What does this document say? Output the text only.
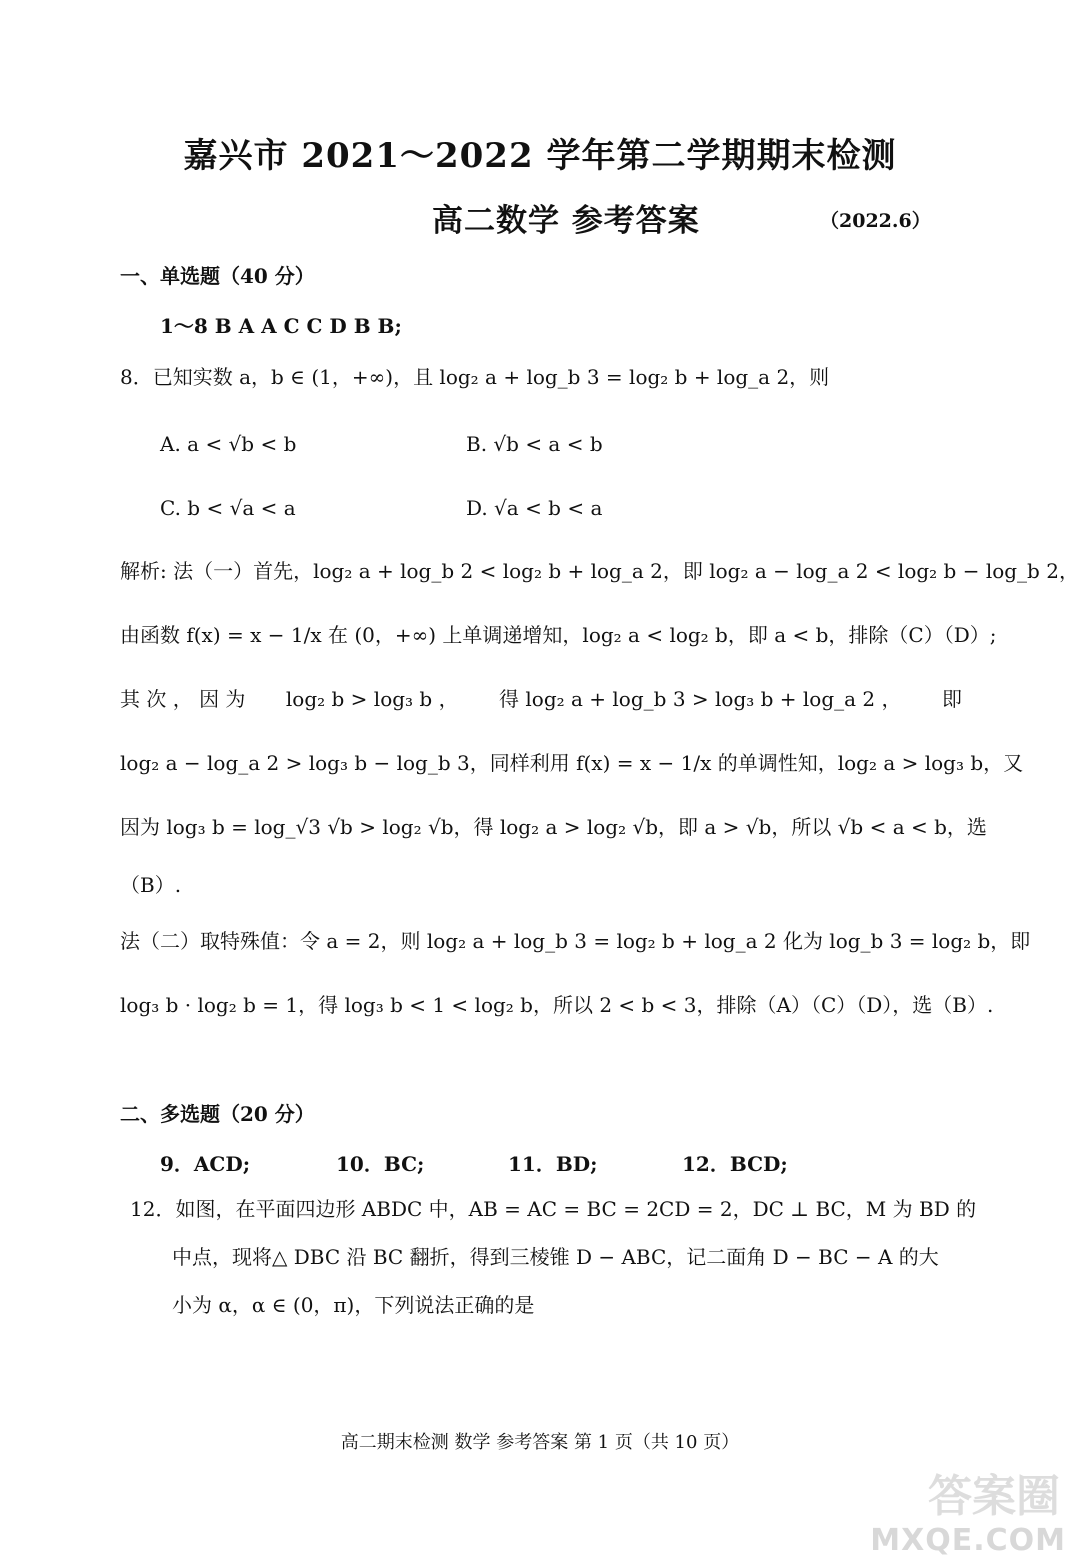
嘉兴市 2021～2022 学年第二学期期末检测
高二数学 参考答案	（2022.6）
一、单选题（40 分）
1～8 B A A C C D B B;
8．已知实数 a，b ∈ (1，+∞)，且 log₂ a + log_b 3 = log₂ b + log_a 2，则
A. a < √b < b	B. √b < a < b
C. b < √a < a	D. √a < b < a
解析: 法（一）首先，log₂ a + log_b 2 < log₂ b + log_a 2，即 log₂ a − log_a 2 < log₂ b − log_b 2，
由函数 f(x) = x − 1/x 在 (0，+∞) 上单调递增知，log₂ a < log₂ b，即 a < b，排除（C）（D）;
其 次 ， 因 为 log₂ b > log₃ b ， 得 log₂ a + log_b 3 > log₃ b + log_a 2 ， 即
log₂ a − log_a 2 > log₃ b − log_b 3，同样利用 f(x) = x − 1/x 的单调性知，log₂ a > log₃ b，又
因为 log₃ b = log_√3 √b > log₂ √b，得 log₂ a > log₂ √b，即 a > √b，所以 √b < a < b，选
（B）.
法（二）取特殊值：令 a = 2，则 log₂ a + log_b 3 = log₂ b + log_a 2 化为 log_b 3 = log₂ b，即
log₃ b · log₂ b = 1，得 log₃ b < 1 < log₂ b，所以 2 < b < 3，排除（A）（C）（D），选（B）.
二、多选题（20 分）
9．ACD;	10．BC;	11．BD;	12．BCD;
12．如图，在平面四边形 ABDC 中，AB = AC = BC = 2CD = 2，DC ⊥ BC，M 为 BD 的
中点，现将△ DBC 沿 BC 翻折，得到三棱锥 D − ABC，记二面角 D − BC − A 的大
小为 α，α ∈ (0，π)，下列说法正确的是
高二期末检测 数学 参考答案 第 1 页（共 10 页）
答案圈
MXQE.COM
